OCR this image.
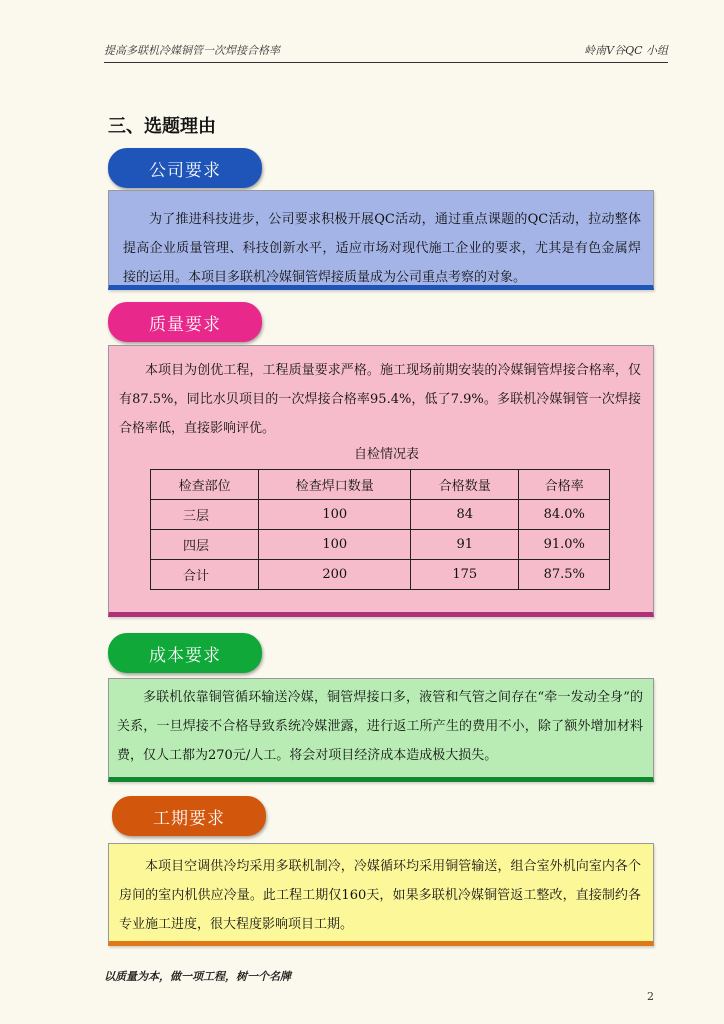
提高多联机冷媒铜管一次焊接合格率	岭南V谷QC 小组
三、选题理由
公司要求

为了推进科技进步，公司要求积极开展QC活动，通过重点课题的QC活动，拉动整体提高企业质量管理、科技创新水平，适应市场对现代施工企业的要求，尤其是有色金属焊接的运用。本项目多联机冷媒铜管焊接质量成为公司重点考察的对象。

质量要求

本项目为创优工程，工程质量要求严格。施工现场前期安装的冷媒铜管焊接合格率，仅有87.5%，同比水贝项目的一次焊接合格率95.4%，低了7.9%。多联机冷媒铜管一次焊接合格率低，直接影响评优。

自检情况表
检查部位	检查焊口数量	合格数量	合格率
三层	100	84	84.0%
四层	100	91	91.0%
合计	200	175	87.5%
成本要求

多联机依靠铜管循环输送冷媒，铜管焊接口多，液管和气管之间存在“牵一发动全身”的关系，一旦焊接不合格导致系统冷媒泄露，进行返工所产生的费用不小，除了额外增加材料费，仅人工都为270元/人工。将会对项目经济成本造成极大损失。

工期要求

本项目空调供冷均采用多联机制冷，冷媒循环均采用铜管输送，组合室外机向室内各个房间的室内机供应冷量。此工程工期仅160天，如果多联机冷媒铜管返工整改，直接制约各专业施工进度，很大程度影响项目工期。

以质量为本，做一项工程，树一个名牌
2
